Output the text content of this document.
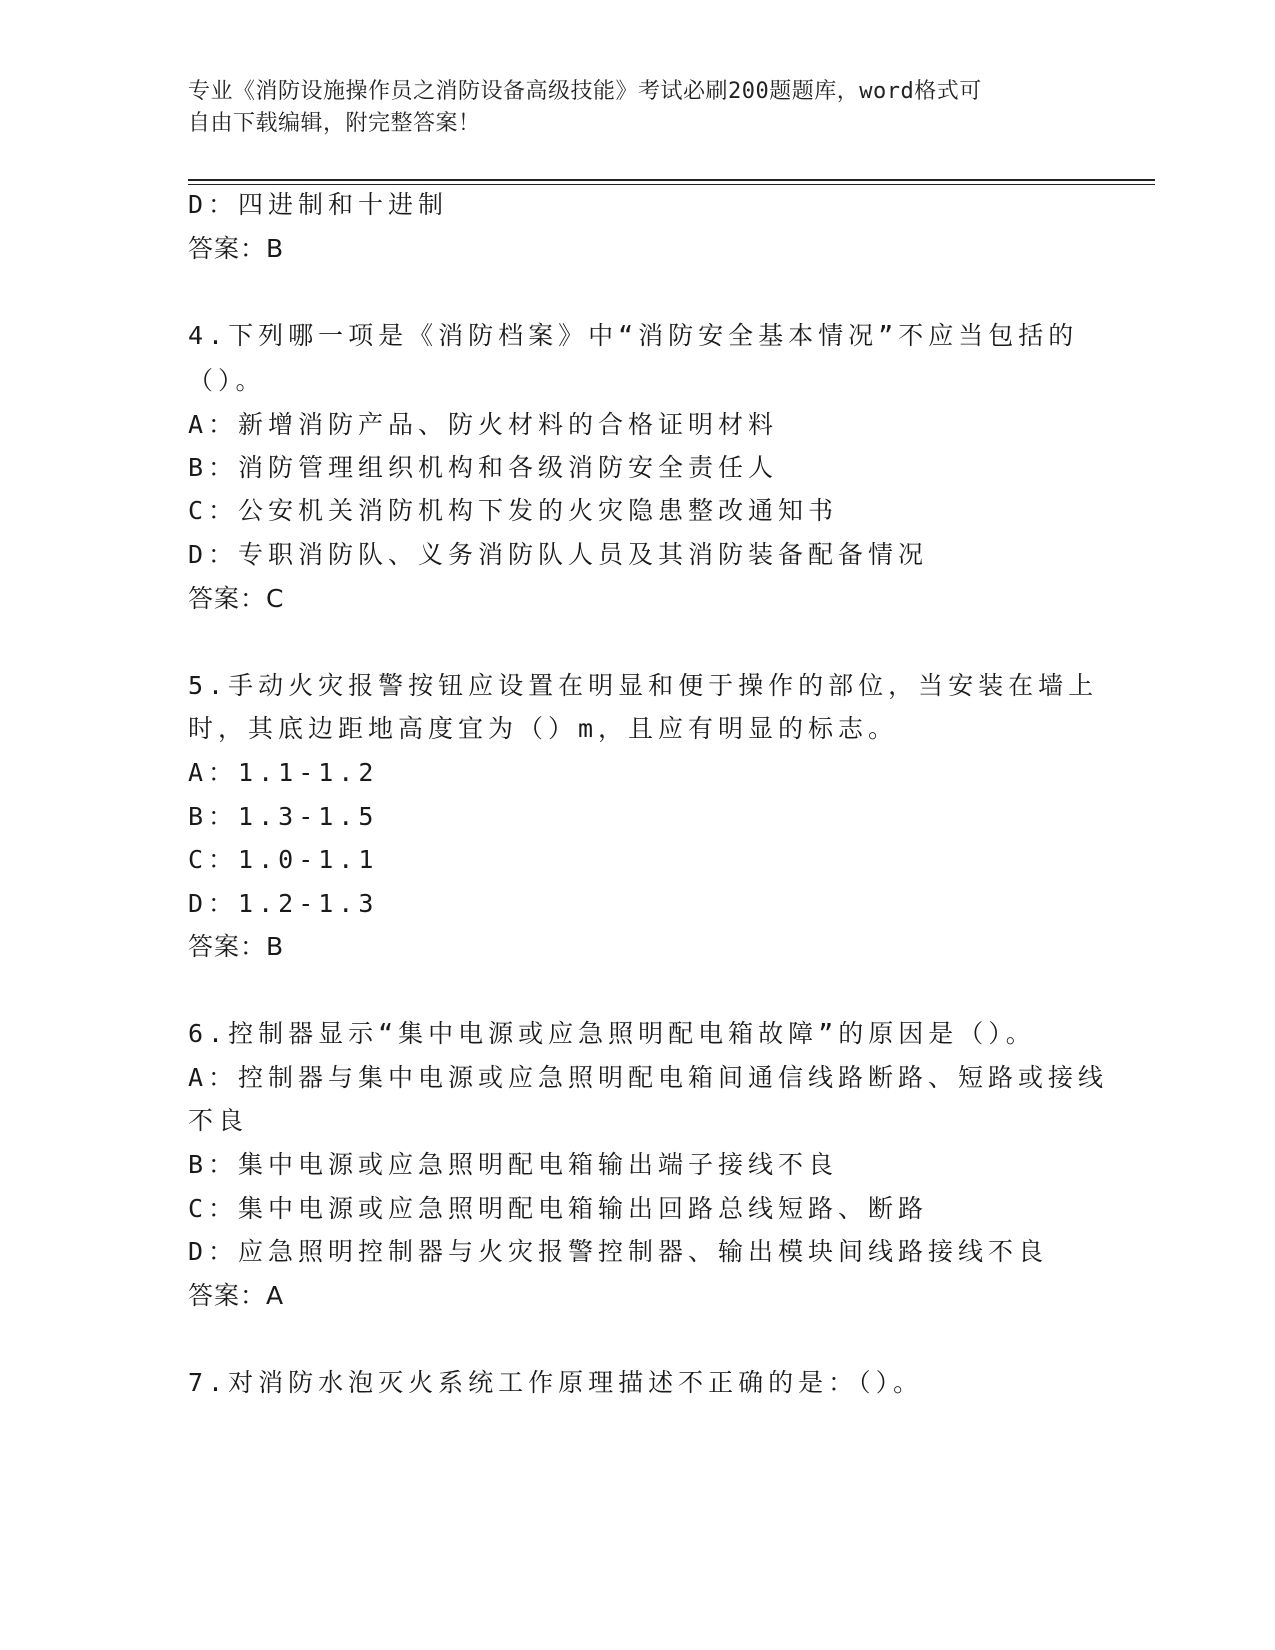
专业《消防设施操作员之消防设备高级技能》考试必刷200题题库，word格式可
自由下载编辑，附完整答案！
D：四进制和十进制
答案：B
4.下列哪一项是《消防档案》中“消防安全基本情况”不应当包括的
（）。
A：新增消防产品、防火材料的合格证明材料
B：消防管理组织机构和各级消防安全责任人
C：公安机关消防机构下发的火灾隐患整改通知书
D：专职消防队、义务消防队人员及其消防装备配备情况
答案：C
5.手动火灾报警按钮应设置在明显和便于操作的部位，当安装在墙上
时，其底边距地高度宜为（）m，且应有明显的标志。
A：1.1-1.2
B：1.3-1.5
C：1.0-1.1
D：1.2-1.3
答案：B
6.控制器显示“集中电源或应急照明配电箱故障”的原因是（）。
A：控制器与集中电源或应急照明配电箱间通信线路断路、短路或接线
不良
B：集中电源或应急照明配电箱输出端子接线不良
C：集中电源或应急照明配电箱输出回路总线短路、断路
D：应急照明控制器与火灾报警控制器、输出模块间线路接线不良
答案：A
7.对消防水泡灭火系统工作原理描述不正确的是：（）。
